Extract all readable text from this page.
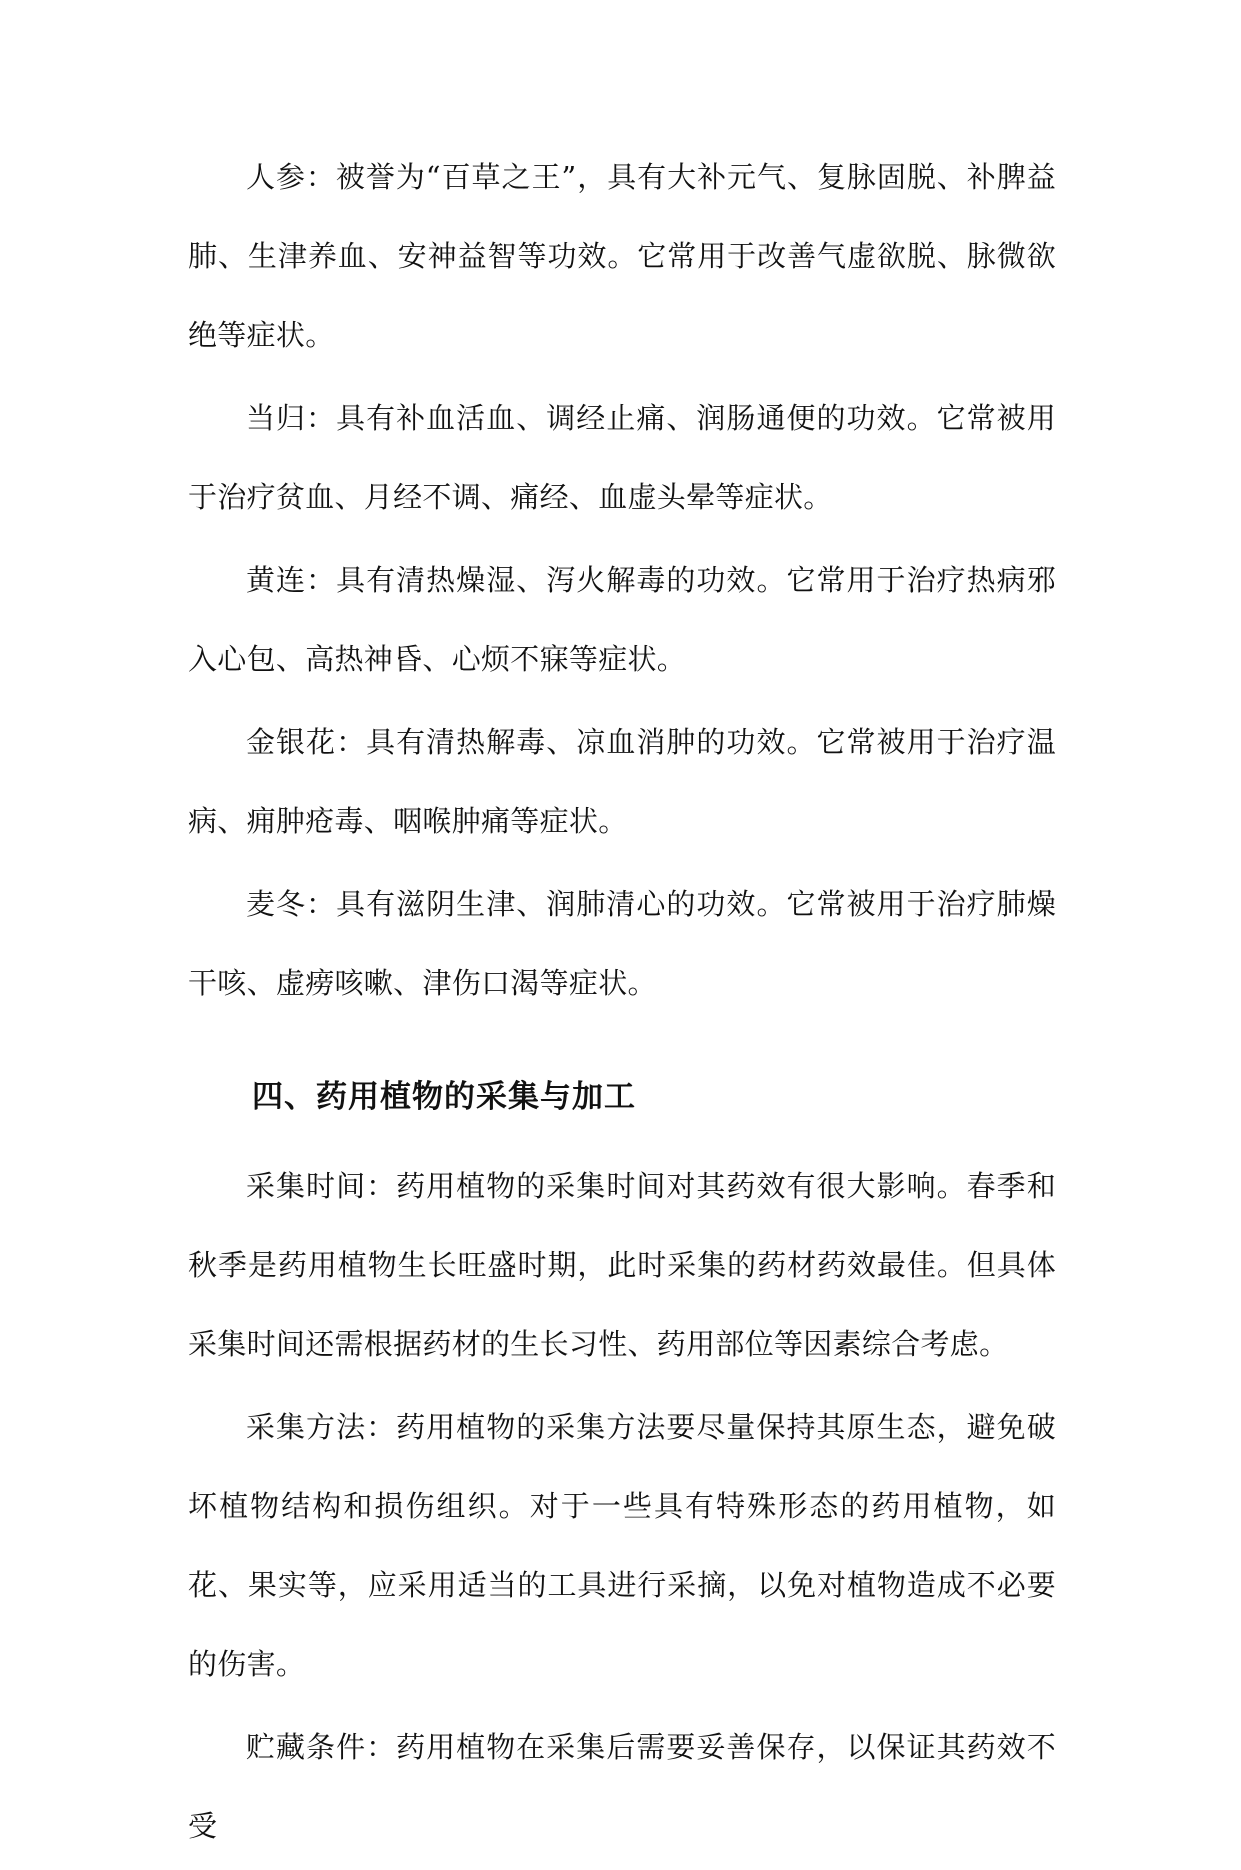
人参：被誉为“百草之王”，具有大补元气、复脉固脱、补脾益肺、生津养血、安神益智等功效。它常用于改善气虚欲脱、脉微欲绝等症状。

当归：具有补血活血、调经止痛、润肠通便的功效。它常被用于治疗贫血、月经不调、痛经、血虚头晕等症状。

黄连：具有清热燥湿、泻火解毒的功效。它常用于治疗热病邪入心包、高热神昏、心烦不寐等症状。

金银花：具有清热解毒、凉血消肿的功效。它常被用于治疗温病、痈肿疮毒、咽喉肿痛等症状。

麦冬：具有滋阴生津、润肺清心的功效。它常被用于治疗肺燥干咳、虚痨咳嗽、津伤口渴等症状。

四、药用植物的采集与加工

采集时间：药用植物的采集时间对其药效有很大影响。春季和秋季是药用植物生长旺盛时期，此时采集的药材药效最佳。但具体采集时间还需根据药材的生长习性、药用部位等因素综合考虑。

采集方法：药用植物的采集方法要尽量保持其原生态，避免破坏植物结构和损伤组织。对于一些具有特殊形态的药用植物，如花、果实等，应采用适当的工具进行采摘，以免对植物造成不必要的伤害。

贮藏条件：药用植物在采集后需要妥善保存，以保证其药效不受
